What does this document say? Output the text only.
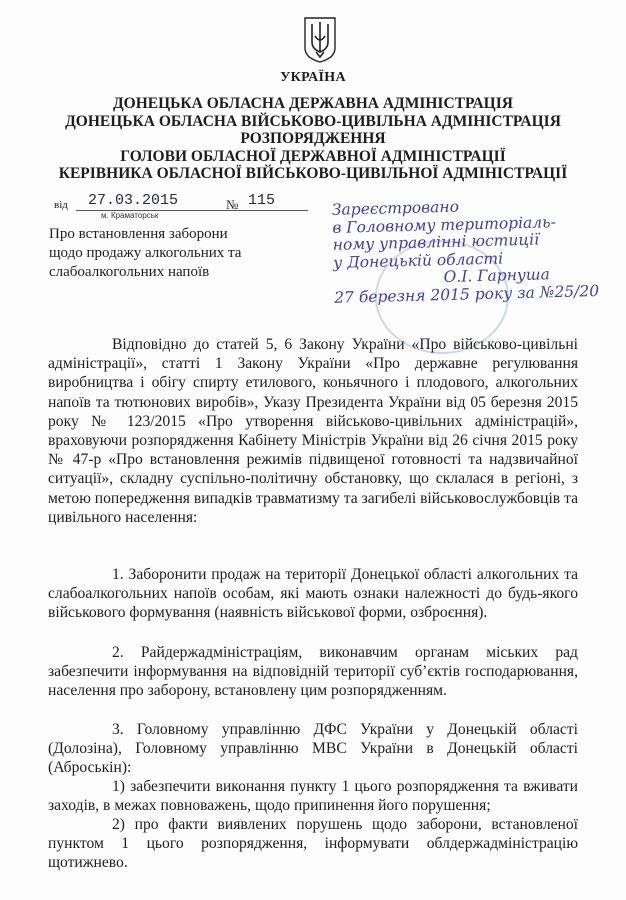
УКРАЇНА
ДОНЕЦЬКА ОБЛАСНА ДЕРЖАВНА АДМІНІСТРАЦІЯ
ДОНЕЦЬКА ОБЛАСНА ВІЙСЬКОВО-ЦИВІЛЬНА АДМІНІСТРАЦІЯ
РОЗПОРЯДЖЕННЯ
ГОЛОВИ ОБЛАСНОЇ ДЕРЖАВНОЇ АДМІНІСТРАЦІЇ
КЕРІВНИКА ОБЛАСНОЇ ВІЙСЬКОВО-ЦИВІЛЬНОЇ АДМІНІСТРАЦІЇ
від	27.03.2015	№ 115
м. Краматорськ
Про встановлення заборони
щодо продажу алкогольних та
слабоалкогольних напоїв
Зареєстровано
в Головному територіаль-
ному управлінні юстиції
у Донецькій області
О.І. Гарнуша
27 березня 2015 року за №25/20

Відповідно до статей 5, 6 Закону України «Про військово-цивільні адміністрації», статті 1 Закону України «Про державне регулювання виробництва і обігу спирту етилового, коньячного і плодового, алкогольних напоїв та тютюнових виробів», Указу Президента України від 05 березня 2015 року № 123/2015 «Про утворення військово-цивільних адміністрацій», враховуючи розпорядження Кабінету Міністрів України від 26 січня 2015 року № 47-р «Про встановлення режимів підвищеної готовності та надзвичайної ситуації», складну суспільно-політичну обстановку, що склалася в регіоні, з метою попередження випадків травматизму та загибелі військовослужбовців та цивільного населення:

1. Заборонити продаж на території Донецької області алкогольних та слабоалкогольних напоїв особам, які мають ознаки належності до будь-якого військового формування (наявність військової форми, озброєння).

2. Райдержадміністраціям, виконавчим органам міських рад забезпечити інформування на відповідній території суб’єктів господарювання, населення про заборону, встановлену цим розпорядженням.

3. Головному управлінню ДФС України у Донецькій області (Долозіна), Головному управлінню МВС України в Донецькій області (Аброськін):

1) забезпечити виконання пункту 1 цього розпорядження та вживати заходів, в межах повноважень, щодо припинення його порушення;

2) про факти виявлених порушень щодо заборони, встановленої пунктом 1 цього розпорядження, інформувати облдержадміністрацію щотижнево.
